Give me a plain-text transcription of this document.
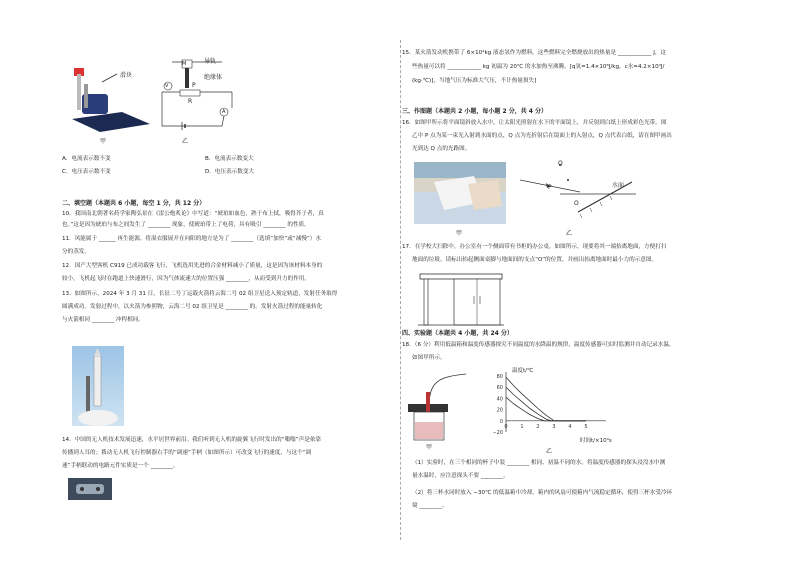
滑块
甲
M	导轨
绝缘体
P
R
V
A
乙
A．电流表示数不变	B．电流表示数变大
C．电压表示数不变	D．电压表示数变大
二、填空题（本题共 6 小题，每空 1 分，共 12 分）
10．我国南北朝著名药学家陶弘景在《雷公炮炙论》中写道：“琥珀如血色，熟于布上拭，吸得芥子者，真
也。”这是因为琥珀与布之间发生了 ________ 现象，使琥珀带上了电荷，具有吸引 ________ 的性质。
11．风能属于 ______ 再生能源。将湿衣服展开在向阳的地方是为了 ________（选填“加快”或“减慢”）水
分的蒸发。
12．国产大型客机 C919 已成功载客飞行，飞机选用先进的合金材料减小了质量，这是因为该材料本身的
较小。飞机起飞时在跑道上快速滑行，因为气体流速大的位置压强 ________，从而受到升力的作用。
13．如图所示，2024 年 3 月 31 日，长征二号丁运载火箭将云海二号 02 组卫星送入预定轨道，发射任务取得
圆满成功。发射过程中，以火箭为参照物，云海二号 02 组卫星是 ________ 的。发射火箭过程的能量转化
与火箭相同 ________ 冲程相同。
14．中国的无人机技术发展迅速，水平居世界前沿。我们听到无人机的旋翼飞行时发出的“嗡嗡”声是依靠
传播到人耳的；拨动无人机飞行控制器右手的“调速”手柄（如图所示）可改变飞行的速度，与这个“调
速”手柄联动的电路元件实质是一个 ________。
15．某火箭发动机携带了 6×10⁴kg 液态氢作为燃料，这些燃料完全燃烧放出的热量是 ____________ J，这
些热量可以将 ____________ kg 初温为 20℃ 的水加热至沸腾。[q氢=1.4×10⁸J/kg，c水=4.2×10³J/
(kg·℃)]，当地气压为标准大气压，不计热量损失]
三、作图题（本题共 2 小题，每小题 2 分，共 4 分）
16．如图甲所示将平面镜斜放入水中，让太阳光照射在水下的平面镜上，并反射到白纸上形成彩色光带。图
乙中 P 点为某一束光入射到水面的点，Q 点为光折射后在镜面上的入射点，Q 点代表白纸，请在图甲画出
光到达 Q 点的光路图。
甲
Q
P
O
水面
乙
17．在学校大扫除中，办公室有一个侧面带有书柜的办公桌，如图所示。现要将其一端抬离地面，方便打扫
地面的垃圾。请标出抬起侧面桌脚与地面间的支点“O”的位置，并画出抬离地面时最小力的示意图。
四、实验题（本题共 4 小题，共 24 分）
18．（6 分）利用低温箱和温度传感器探究不同温度的水降温的规律，温度传感器可实时监测并自动记录水温，
如图甲所示。
甲
80
60
40
20
0
−20
0	1	2	3	4	5
温度t/℃
时间t/×10³s
乙
（1）实验时，在三个相同的杯子中装 ________ 相同、初温不同的水。将温度传感器的探头浸没水中测
量水温时，应注意探头不要 ________。
（2）将三杯水同时放入 −30℃ 的低温箱中冷却，箱内的风扇可使箱内气流稳定循环，使得三杯水受冷环
境 ________。
